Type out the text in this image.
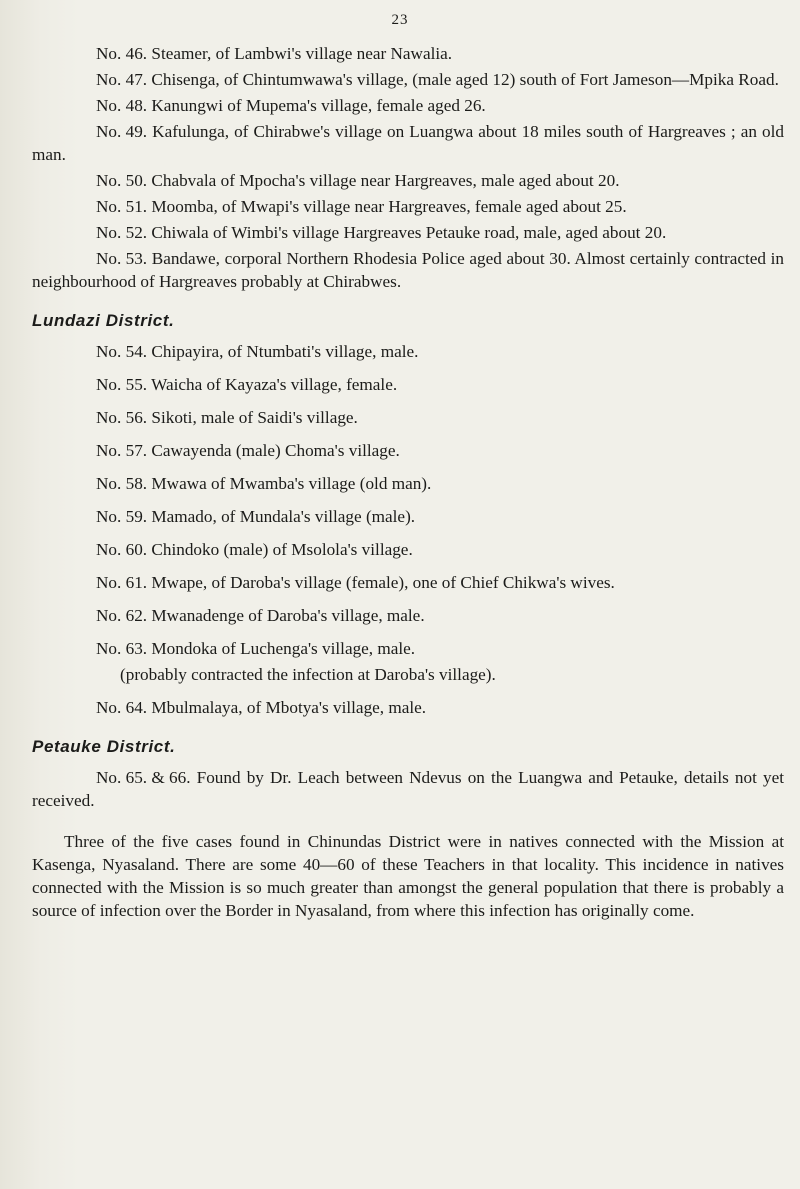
23

No. 46. Steamer, of Lambwi's village near Nawalia.

No. 47. Chisenga, of Chintumwawa's village, (male aged 12) south of Fort Jameson—Mpika Road.

No. 48. Kanungwi of Mupema's village, female aged 26.

No. 49. Kafulunga, of Chirabwe's village on Luangwa about 18 miles south of Hargreaves ; an old man.

No. 50. Chabvala of Mpocha's village near Hargreaves, male aged about 20.

No. 51. Moomba, of Mwapi's village near Hargreaves, female aged about 25.

No. 52. Chiwala of Wimbi's village Hargreaves Petauke road, male, aged about 20.

No. 53. Bandawe, corporal Northern Rhodesia Police aged about 30. Almost certainly contracted in neighbourhood of Hargreaves probably at Chirabwes.

Lundazi District.

No. 54. Chipayira, of Ntumbati's village, male.

No. 55. Waicha of Kayaza's village, female.

No. 56. Sikoti, male of Saidi's village.

No. 57. Cawayenda (male) Choma's village.

No. 58. Mwawa of Mwamba's village (old man).

No. 59. Mamado, of Mundala's village (male).

No. 60. Chindoko (male) of Msolola's village.

No. 61. Mwape, of Daroba's village (female), one of Chief Chikwa's wives.

No. 62. Mwanadenge of Daroba's village, male.

No. 63. Mondoka of Luchenga's village, male.

(probably contracted the infection at Daroba's village).

No. 64. Mbulmalaya, of Mbotya's village, male.

Petauke District.

No. 65. & 66. Found by Dr. Leach between Ndevus on the Luangwa and Petauke, details not yet received.

Three of the five cases found in Chinundas District were in natives connected with the Mission at Kasenga, Nyasaland. There are some 40—60 of these Teachers in that locality. This incidence in natives connected with the Mission is so much greater than amongst the general population that there is probably a source of infection over the Border in Nyasaland, from where this infection has originally come.
